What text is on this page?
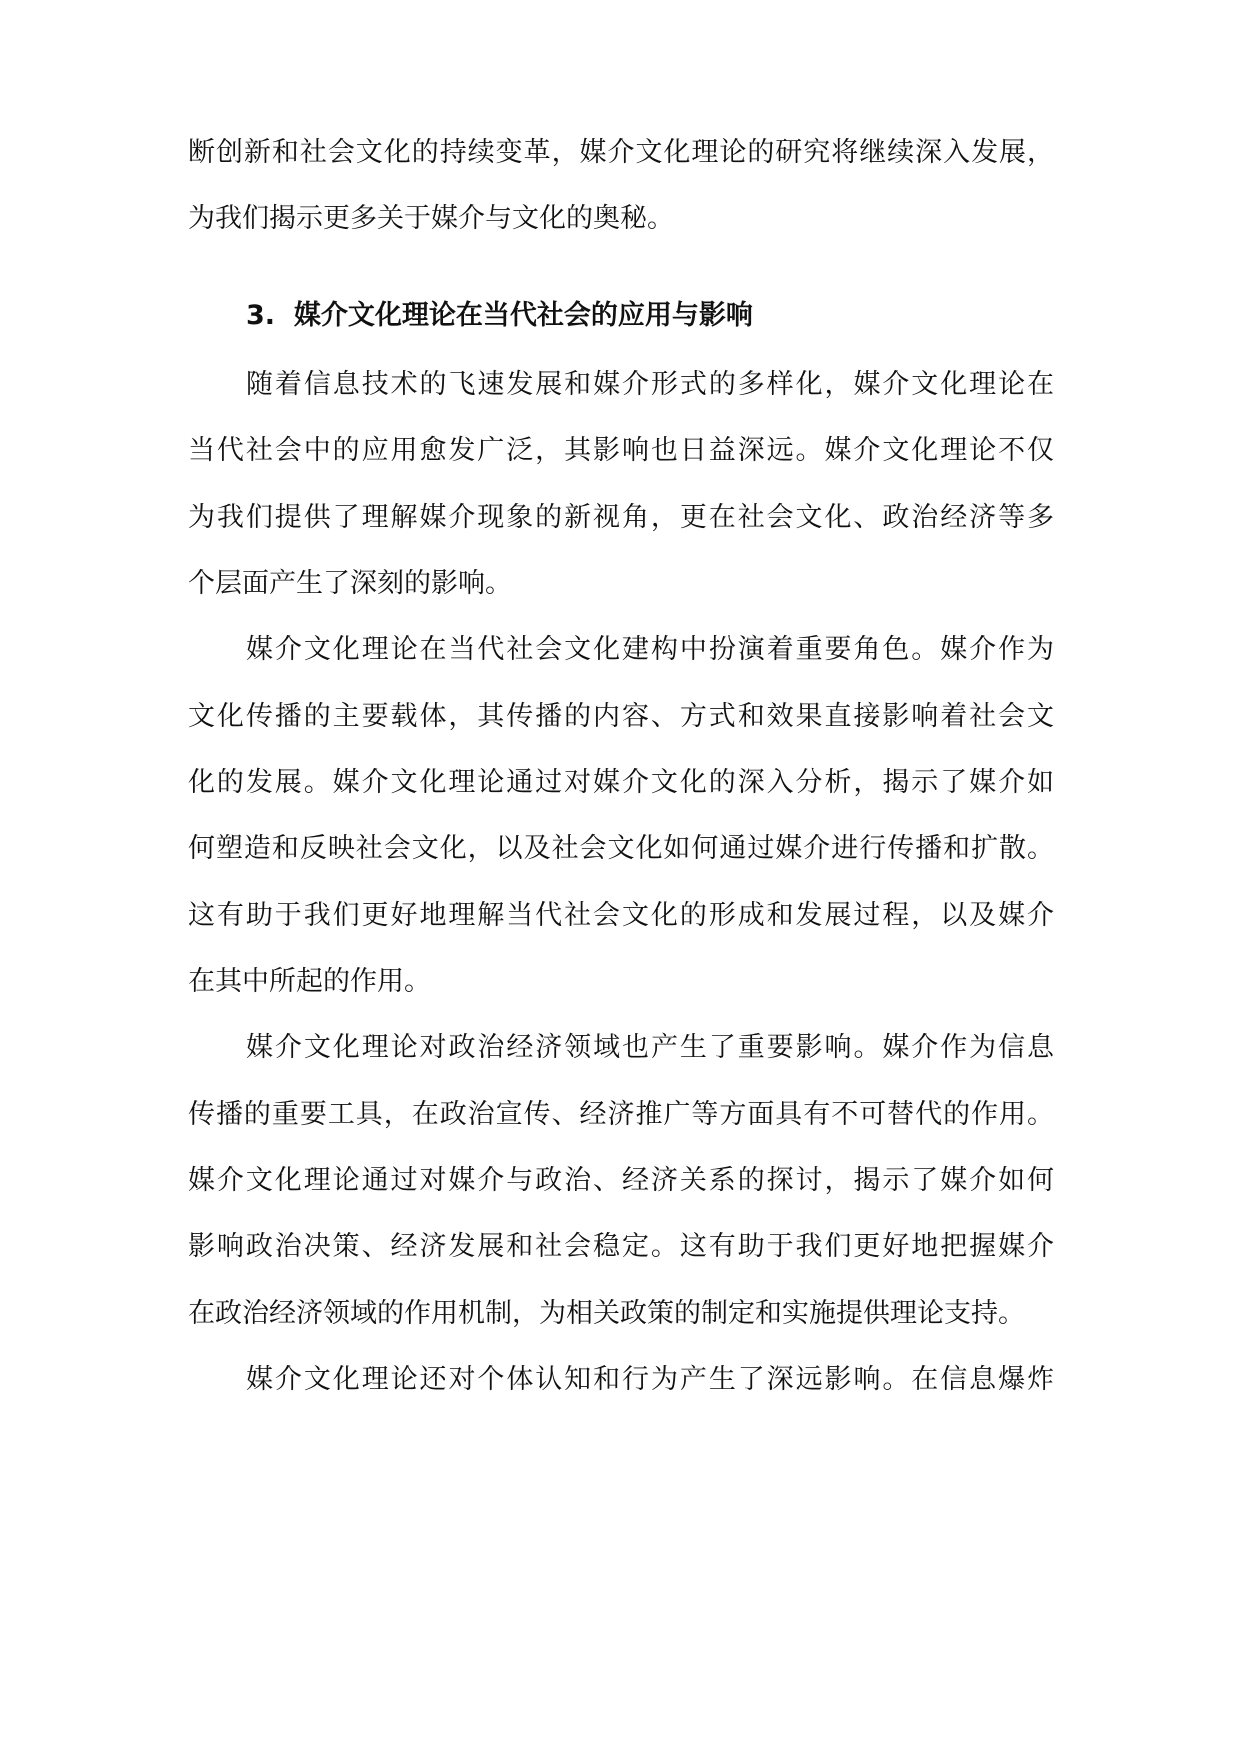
断创新和社会文化的持续变革，媒介文化理论的研究将继续深入发展，
为我们揭示更多关于媒介与文化的奥秘。
3. 媒介文化理论在当代社会的应用与影响
随着信息技术的飞速发展和媒介形式的多样化，媒介文化理论在
当代社会中的应用愈发广泛，其影响也日益深远。媒介文化理论不仅
为我们提供了理解媒介现象的新视角，更在社会文化、政治经济等多
个层面产生了深刻的影响。
媒介文化理论在当代社会文化建构中扮演着重要角色。媒介作为
文化传播的主要载体，其传播的内容、方式和效果直接影响着社会文
化的发展。媒介文化理论通过对媒介文化的深入分析，揭示了媒介如
何塑造和反映社会文化，以及社会文化如何通过媒介进行传播和扩散。
这有助于我们更好地理解当代社会文化的形成和发展过程，以及媒介
在其中所起的作用。
媒介文化理论对政治经济领域也产生了重要影响。媒介作为信息
传播的重要工具，在政治宣传、经济推广等方面具有不可替代的作用。
媒介文化理论通过对媒介与政治、经济关系的探讨，揭示了媒介如何
影响政治决策、经济发展和社会稳定。这有助于我们更好地把握媒介
在政治经济领域的作用机制，为相关政策的制定和实施提供理论支持。
媒介文化理论还对个体认知和行为产生了深远影响。在信息爆炸
